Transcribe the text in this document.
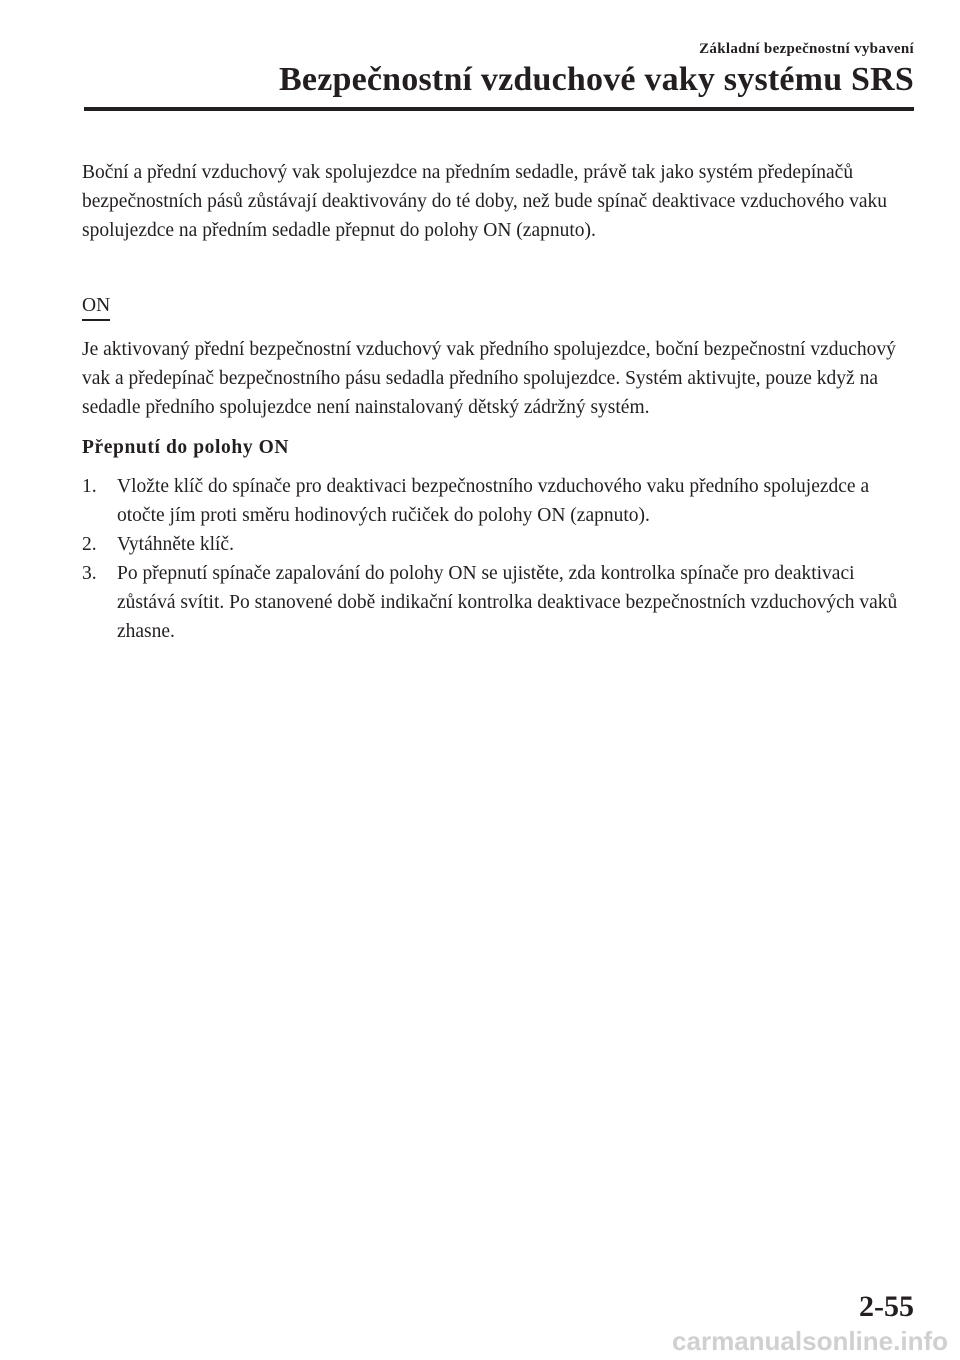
Základní bezpečnostní vybavení
Bezpečnostní vzduchové vaky systému SRS

Boční a přední vzduchový vak spolujezdce na předním sedadle, právě tak jako systém předepínačů bezpečnostních pásů zůstávají deaktivovány do té doby, než bude spínač deaktivace vzduchového vaku spolujezdce na předním sedadle přepnut do polohy ON (zapnuto).

ON

Je aktivovaný přední bezpečnostní vzduchový vak předního spolujezdce, boční bezpečnostní vzduchový vak a předepínač bezpečnostního pásu sedadla předního spolujezdce. Systém aktivujte, pouze když na sedadle předního spolujezdce není nainstalovaný dětský zádržný systém.

Přepnutí do polohy ON

1. Vložte klíč do spínače pro deaktivaci bezpečnostního vzduchového vaku předního spolujezdce a otočte jím proti směru hodinových ručiček do polohy ON (zapnuto).
2. Vytáhněte klíč.
3. Po přepnutí spínače zapalování do polohy ON se ujistěte, zda kontrolka spínače pro deaktivaci zůstává svítit. Po stanovené době indikační kontrolka deaktivace bezpečnostních vzduchových vaků zhasne.
2-55
carmanualsonline.info
